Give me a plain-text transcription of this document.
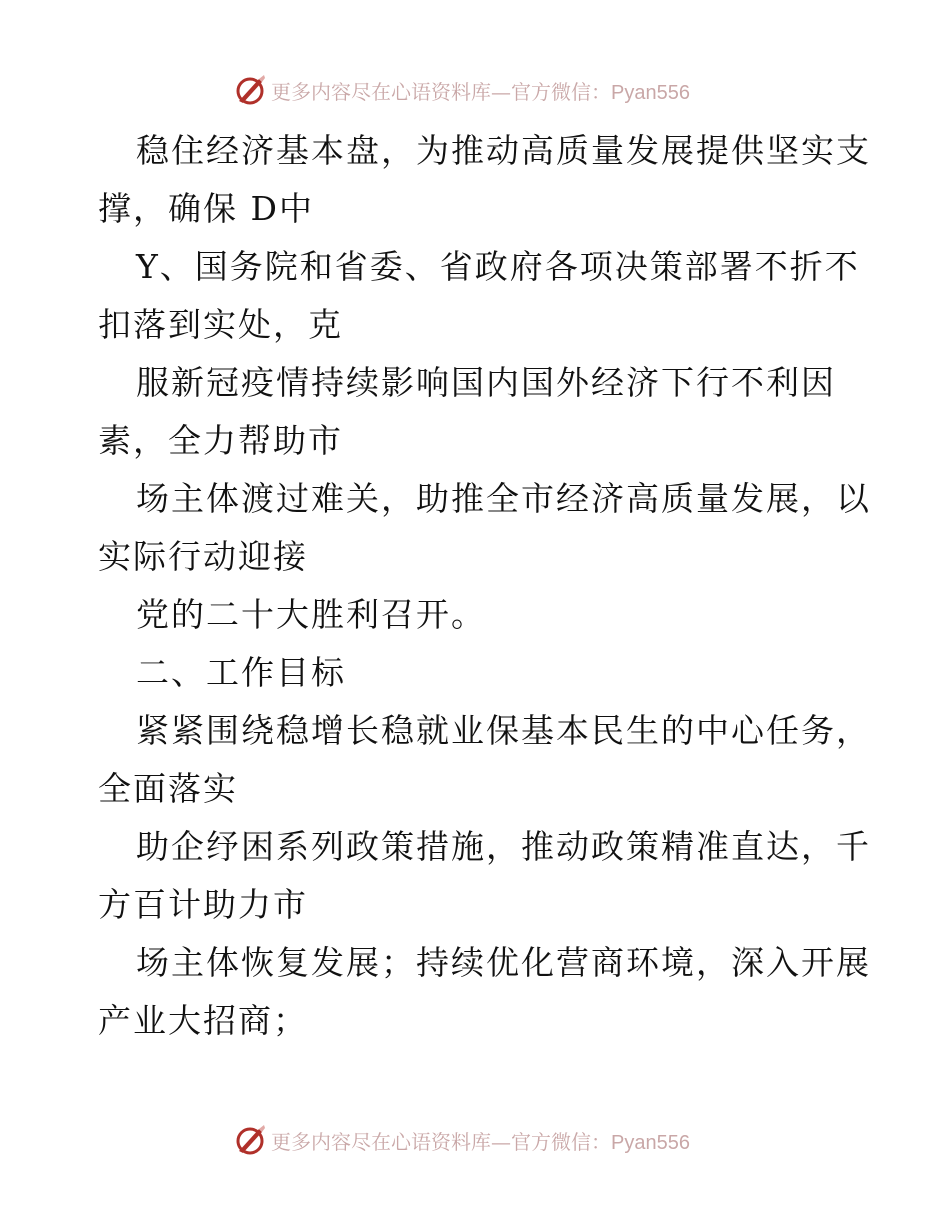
更多内容尽在心语资料库—官方微信：Pyan556
稳住经济基本盘，为推动高质量发展提供坚实支
撑，确保 D中
Y、国务院和省委、省政府各项决策部署不折不
扣落到实处，克
服新冠疫情持续影响国内国外经济下行不利因
素，全力帮助市
场主体渡过难关，助推全市经济高质量发展，以
实际行动迎接
党的二十大胜利召开。
二、工作目标
紧紧围绕稳增长稳就业保基本民生的中心任务，
全面落实
助企纾困系列政策措施，推动政策精准直达，千
方百计助力市
场主体恢复发展；持续优化营商环境，深入开展
产业大招商；
更多内容尽在心语资料库—官方微信：Pyan556
